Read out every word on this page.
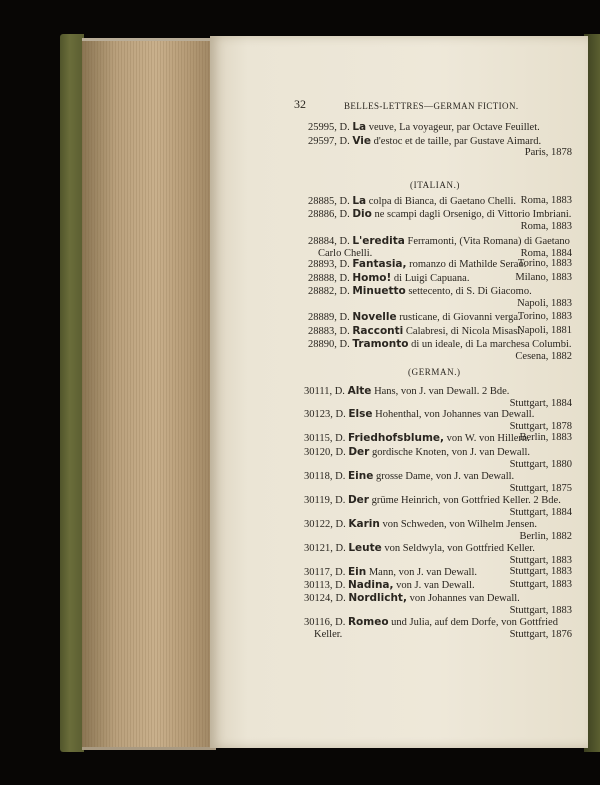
32	BELLES-LETTRES—GERMAN FICTION.
25995, D. La veuve, La voyageur, par Octave Feuillet.
29597, D. Vie d'estoc et de taille, par Gustave Aimard.
Paris, 1878
(ITALIAN.)
28885, D. La colpa di Bianca, di Gaetano Chelli. Roma, 1883
28886, D. Dio ne scampi dagli Orsenigo, di Vittorio Imbriani.
Roma, 1883
28884, D. L'eredita Ferramonti, (Vita Romana) di Gaetano
Carlo Chelli.	Roma, 1884
28893, D. Fantasia, romanzo di Mathilde Serao.
Torino, 1883
28888, D. Homo! di Luigi Capuana.	Milano, 1883
28882, D. Minuetto settecento, di S. Di Giacomo.
Napoli, 1883
28889, D. Novelle rusticane, di Giovanni verga.
Torino, 1883
28883, D. Racconti Calabresi, di Nicola Misasi.
Napoli, 1881
28890, D. Tramonto di un ideale, di La marchesa Columbi.
Cesena, 1882
(GERMAN.)
30111, D. Alte Hans, von J. van Dewall. 2 Bde.
Stuttgart, 1884
30123, D. Else Hohenthal, von Johannes van Dewall.
Stuttgart, 1878
30115, D. Friedhofsblume, von W. von Hillern.
Berlin, 1883
30120, D. Der gordische Knoten, von J. van Dewall.
Stuttgart, 1880
30118, D. Eine grosse Dame, von J. van Dewall.
Stuttgart, 1875
30119, D. Der grüme Heinrich, von Gottfried Keller. 2 Bde.
Stuttgart, 1884
30122, D. Karin von Schweden, von Wilhelm Jensen.
Berlin, 1882
30121, D. Leute von Seldwyla, von Gottfried Keller.
Stuttgart, 1883
30117, D. Ein Mann, von J. van Dewall.	Stuttgart, 1883
30113, D. Nadina, von J. van Dewall.	Stuttgart, 1883
30124, D. Nordlicht, von Johannes van Dewall.
Stuttgart, 1883
30116, D. Romeo und Julia, auf dem Dorfe, von Gottfried
Keller.	Stuttgart, 1876
